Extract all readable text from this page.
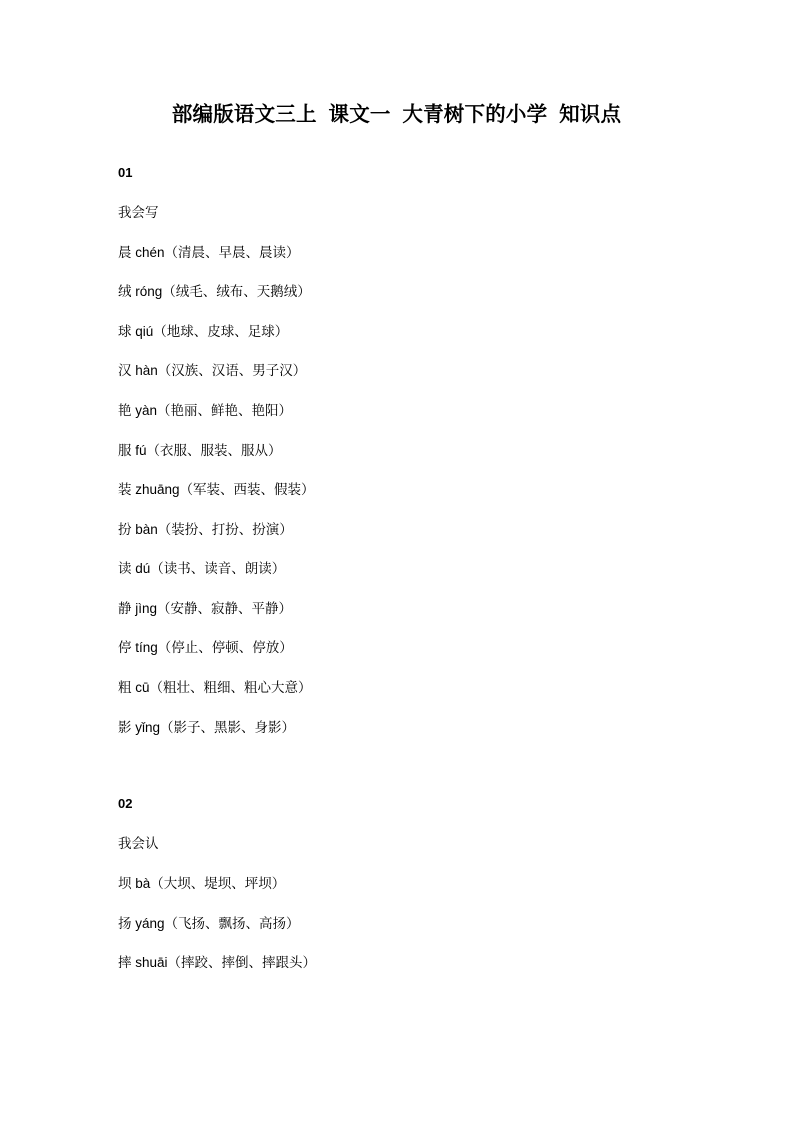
部编版语文三上  课文一  大青树下的小学  知识点
01
我会写

晨 chén（清晨、早晨、晨读）

绒 róng（绒毛、绒布、天鹅绒）

球 qiú（地球、皮球、足球）

汉 hàn（汉族、汉语、男子汉）

艳 yàn（艳丽、鲜艳、艳阳）

服 fú（衣服、服装、服从）

装 zhuāng（军装、西装、假装）

扮 bàn（装扮、打扮、扮演）

读 dú（读书、读音、朗读）

静 jìng（安静、寂静、平静）

停 tíng（停止、停顿、停放）

粗 cū（粗壮、粗细、粗心大意）

影 yǐng（影子、黑影、身影）

02
我会认

坝 bà（大坝、堤坝、坪坝）

扬 yáng（飞扬、飘扬、高扬）

摔 shuāi（摔跤、摔倒、摔跟头）
